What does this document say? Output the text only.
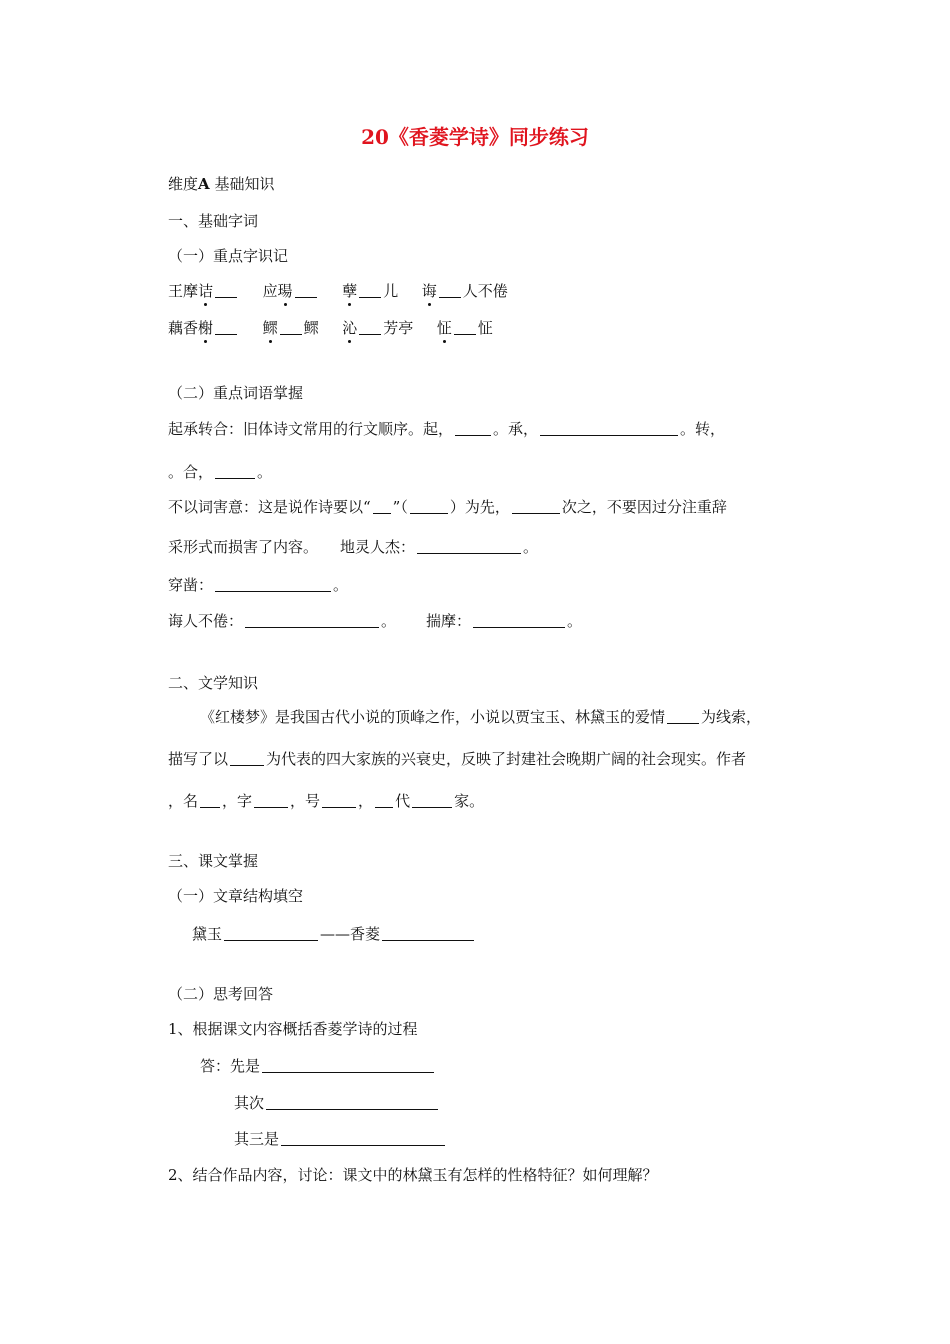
20《香菱学诗》同步练习
维度A 基础知识
一、基础字词
（一）重点字识记
王摩诘	应瑒	孽 儿 诲 人不倦
藕香榭	鳏 鳏 沁 芳亭 怔 怔
（二）重点词语掌握
起承转合：旧体诗文常用的行文顺序。起，	。承，	。转，
。合，	。
不以词害意：这是说作诗要以“ ”（	）为先，	次之，不要因过分注重辞
采形式而损害了内容。 地灵人杰：	。
穿凿：	。
诲人不倦：	。 揣摩：	。
二、文学知识
《红楼梦》是我国古代小说的顶峰之作，小说以贾宝玉、林黛玉的爱情 为线索，
描写了以	为代表的四大家族的兴衰史，反映了封建社会晚期广阔的社会现实。作者
，名 ，字	，号	， 代	家。
三、课文掌握
（一）文章结构填空
黛玉	——香菱
（二）思考回答
1、根据课文内容概括香菱学诗的过程
答：先是
其次
其三是
2、结合作品内容，讨论：课文中的林黛玉有怎样的性格特征？如何理解？
